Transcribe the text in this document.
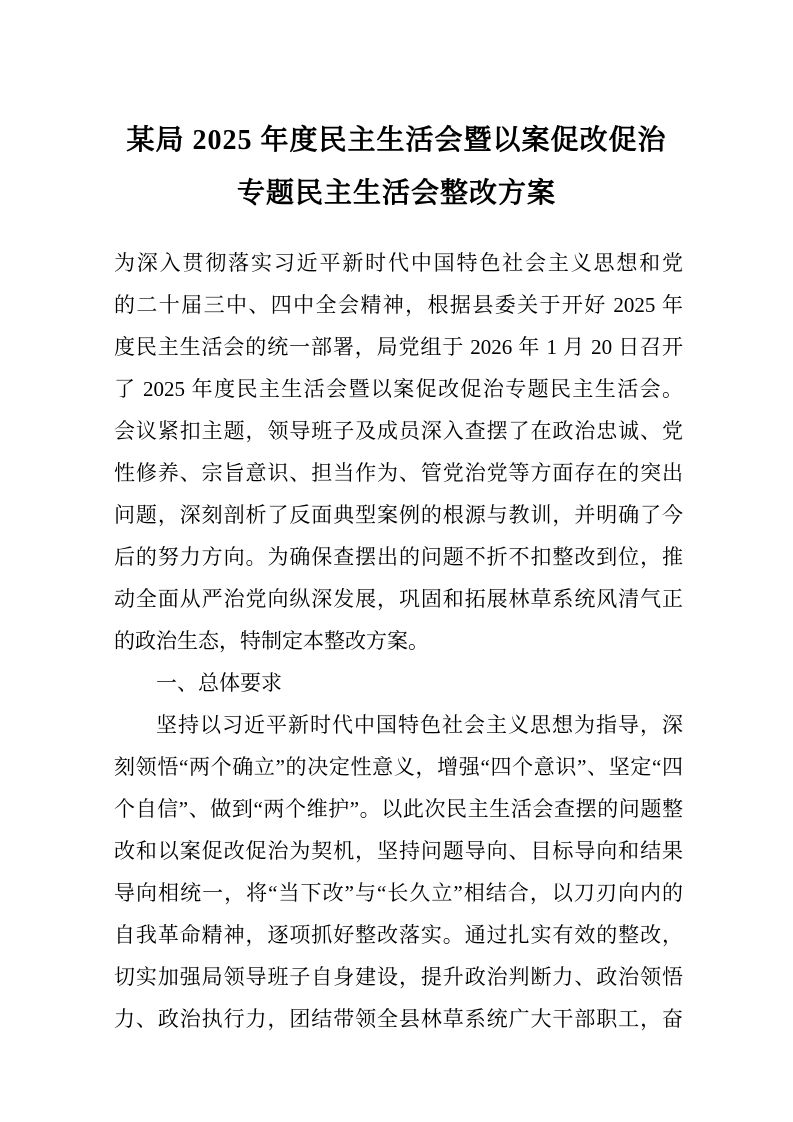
某局 2025 年度民主生活会暨以案促改促治
专题民主生活会整改方案
为深入贯彻落实习近平新时代中国特色社会主义思想和党
的二十届三中、四中全会精神，根据县委关于开好 2025 年
度民主生活会的统一部署，局党组于 2026 年 1 月 20 日召开
了 2025 年度民主生活会暨以案促改促治专题民主生活会。
会议紧扣主题，领导班子及成员深入查摆了在政治忠诚、党
性修养、宗旨意识、担当作为、管党治党等方面存在的突出
问题，深刻剖析了反面典型案例的根源与教训，并明确了今
后的努力方向。为确保查摆出的问题不折不扣整改到位，推
动全面从严治党向纵深发展，巩固和拓展林草系统风清气正
的政治生态，特制定本整改方案。
一、总体要求
坚持以习近平新时代中国特色社会主义思想为指导，深
刻领悟“两个确立”的决定性意义，增强“四个意识”、坚定“四
个自信”、做到“两个维护”。以此次民主生活会查摆的问题整
改和以案促改促治为契机，坚持问题导向、目标导向和结果
导向相统一，将“当下改”与“长久立”相结合，以刀刃向内的
自我革命精神，逐项抓好整改落实。通过扎实有效的整改，
切实加强局领导班子自身建设，提升政治判断力、政治领悟
力、政治执行力，团结带领全县林草系统广大干部职工，奋
